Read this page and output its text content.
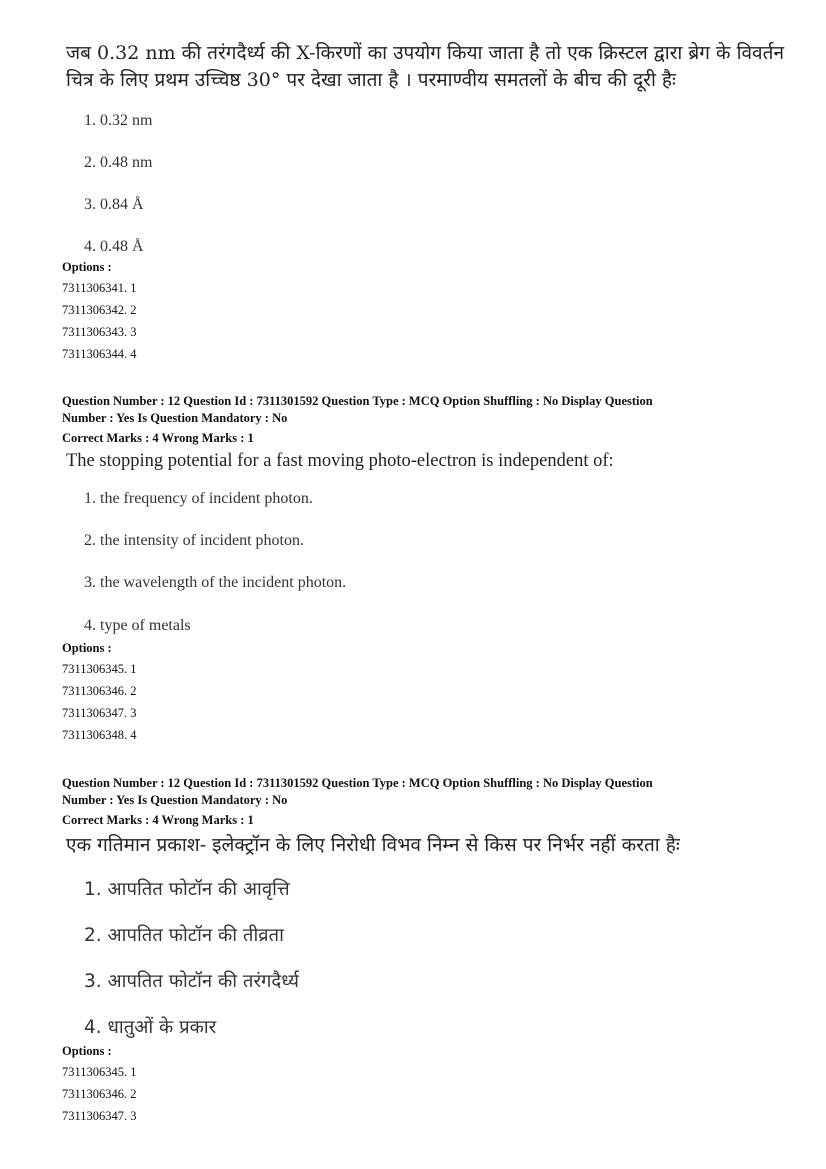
जब 0.32 nm की तरंगदैर्ध्य की X-किरणों का उपयोग किया जाता है तो एक क्रिस्टल द्वारा ब्रेग के विवर्तन चित्र के लिए प्रथम उच्चिष्ठ 30° पर देखा जाता है । परमाण्वीय समतलों के बीच की दूरी हैः
1. 0.32 nm
2. 0.48 nm
3. 0.84 Å
4. 0.48 Å
Options :
7311306341. 1
7311306342. 2
7311306343. 3
7311306344. 4
Question Number : 12 Question Id : 7311301592 Question Type : MCQ Option Shuffling : No Display Question
Number : Yes Is Question Mandatory : No
Correct Marks : 4 Wrong Marks : 1
The stopping potential for a fast moving photo-electron is independent of:
1. the frequency of incident photon.
2. the intensity of incident photon.
3. the wavelength of the incident photon.
4. type of metals
Options :
7311306345. 1
7311306346. 2
7311306347. 3
7311306348. 4
Question Number : 12 Question Id : 7311301592 Question Type : MCQ Option Shuffling : No Display Question
Number : Yes Is Question Mandatory : No
Correct Marks : 4 Wrong Marks : 1
एक गतिमान प्रकाश- इलेक्ट्रॉन के लिए निरोधी विभव निम्न से किस पर निर्भर नहीं करता हैः
1. आपतित फोटॉन की आवृत्ति
2. आपतित फोटॉन की तीव्रता
3. आपतित फोटॉन की तरंगदैर्ध्य
4. धातुओं के प्रकार
Options :
7311306345. 1
7311306346. 2
7311306347. 3
